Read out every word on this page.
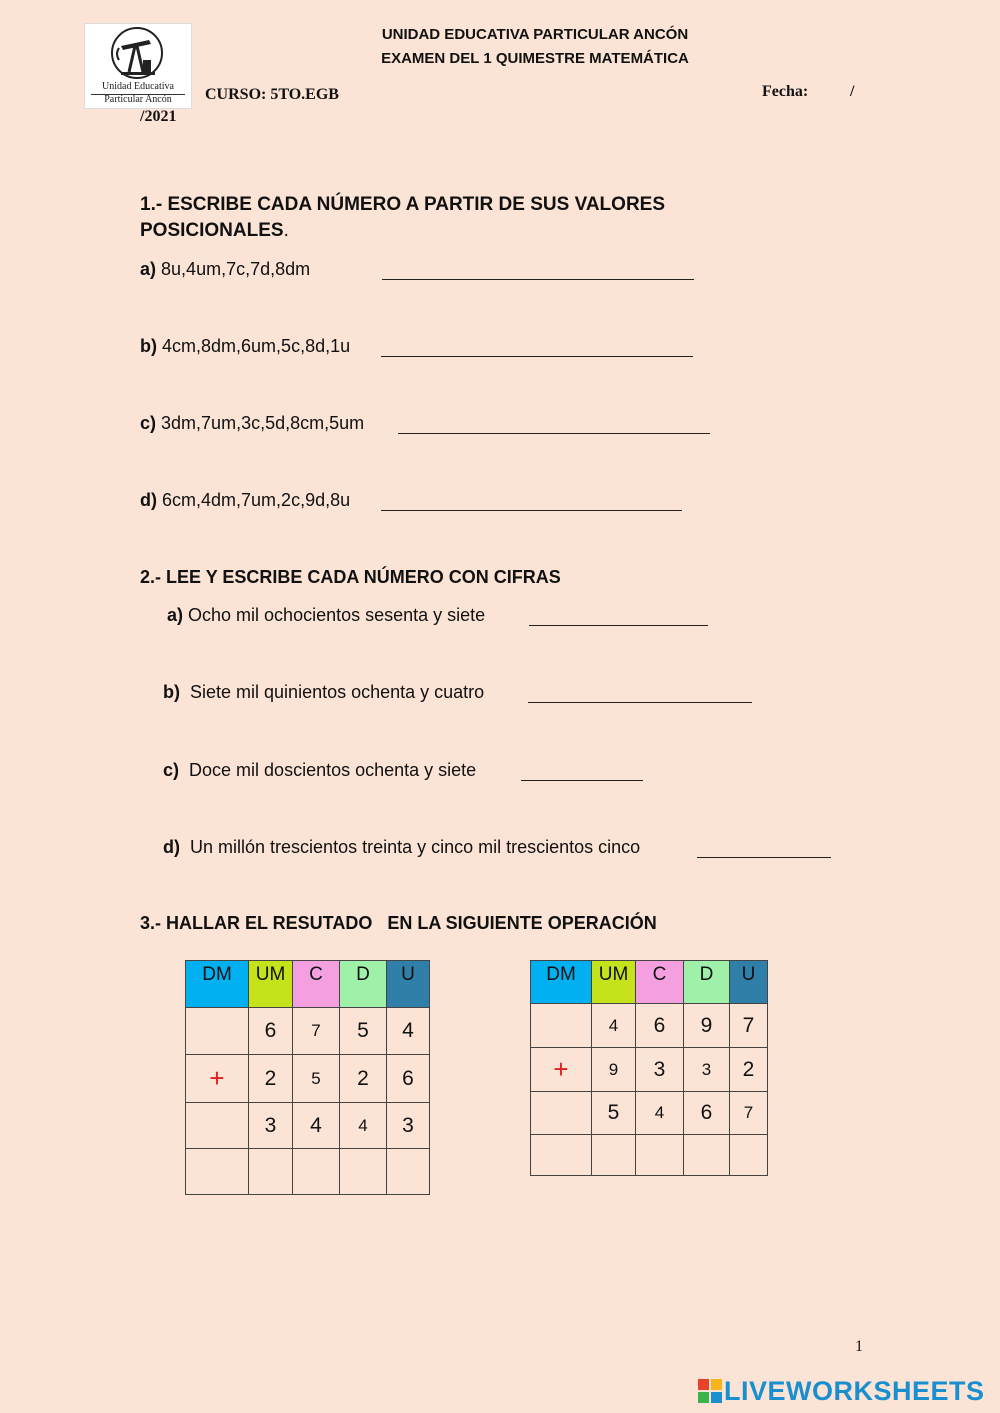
Unidad Educativa
Particular Ancón
UNIDAD EDUCATIVA PARTICULAR ANCÓN
EXAMEN DEL 1 QUIMESTRE MATEMÁTICA
CURSO: 5TO.EGB	Fecha:	/
/2021
1.- ESCRIBE CADA NÚMERO A PARTIR DE SUS VALORES
POSICIONALES.
a) 8u,4um,7c,7d,8dm
b) 4cm,8dm,6um,5c,8d,1u
c) 3dm,7um,3c,5d,8cm,5um
d) 6cm,4dm,7um,2c,9d,8u
2.- LEE Y ESCRIBE CADA NÚMERO CON CIFRAS
a) Ocho mil ochocientos sesenta y siete
b) Siete mil quinientos ochenta y cuatro
c) Doce mil doscientos ochenta y siete
d) Un millón trescientos treinta y cinco mil trescientos cinco
3.- HALLAR EL RESUTADO   EN LA SIGUIENTE OPERACIÓN
DM	UM	C	D	U
	6	7	5	4
+	2	5	2	6
	3	4	4	3

DM	UM	C	D	U
	4	6	9	7
+	9	3	3	2
	5	4	6	7

1
LIVEWORKSHEETS
